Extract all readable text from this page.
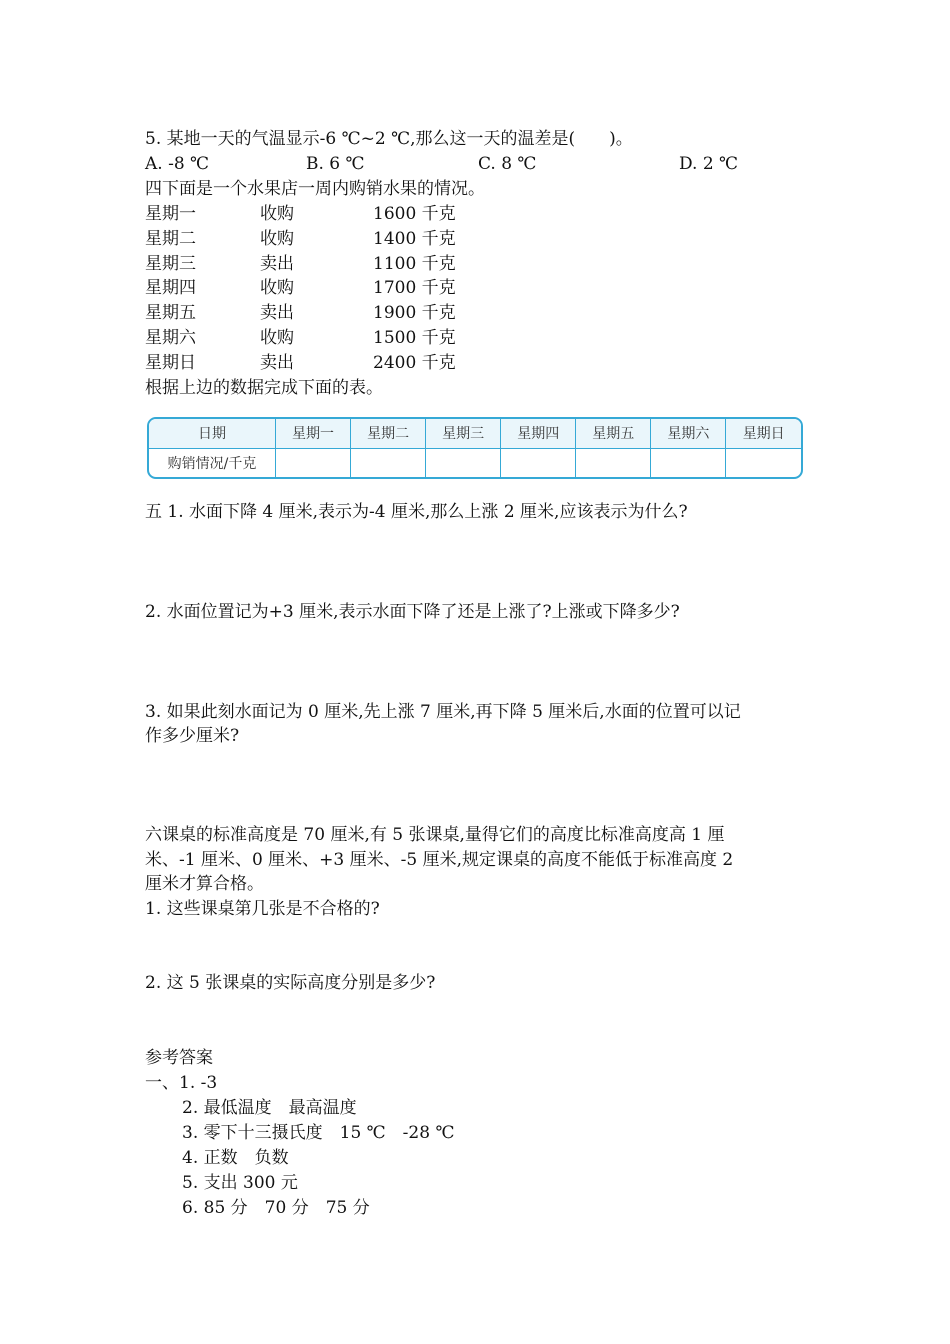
5. 某地一天的气温显示-6 ℃~2 ℃,那么这一天的温差是(　　)。
A. -8 ℃	B. 6 ℃	C. 8 ℃	D. 2 ℃
四下面是一个水果店一周内购销水果的情况。
星期一	收购	1600 千克
星期二	收购	1400 千克
星期三	卖出	1100 千克
星期四	收购	1700 千克
星期五	卖出	1900 千克
星期六	收购	1500 千克
星期日	卖出	2400 千克
根据上边的数据完成下面的表。
日期	星期一	星期二	星期三	星期四	星期五	星期六	星期日
购销情况/千克							
五 1. 水面下降 4 厘米,表示为-4 厘米,那么上涨 2 厘米,应该表示为什么?
2. 水面位置记为+3 厘米,表示水面下降了还是上涨了?上涨或下降多少?
3. 如果此刻水面记为 0 厘米,先上涨 7 厘米,再下降 5 厘米后,水面的位置可以记
作多少厘米?
六课桌的标准高度是 70 厘米,有 5 张课桌,量得它们的高度比标准高度高 1 厘
米、-1 厘米、0 厘米、+3 厘米、-5 厘米,规定课桌的高度不能低于标准高度 2
厘米才算合格。
1. 这些课桌第几张是不合格的?
2. 这 5 张课桌的实际高度分别是多少?
参考答案
一、1. -3
2. 最低温度　最高温度
3. 零下十三摄氏度　15 ℃　-28 ℃
4. 正数　负数
5. 支出 300 元
6. 85 分　70 分　75 分
